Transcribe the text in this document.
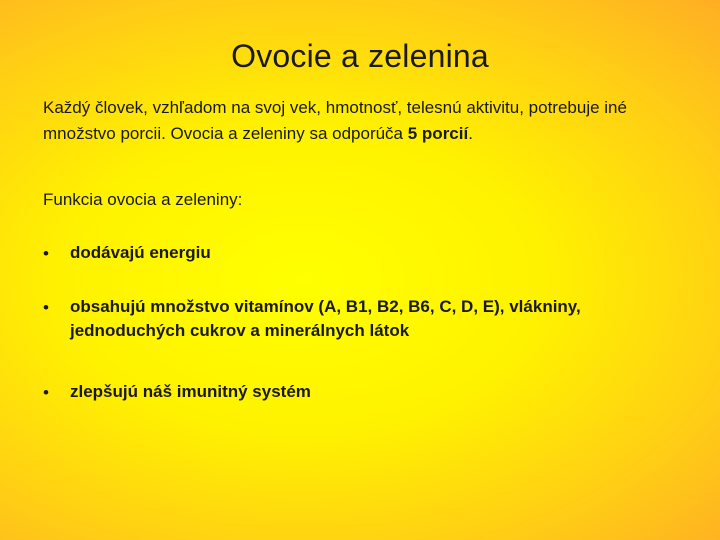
Ovocie a zelenina

Každý človek, vzhľadom na svoj vek, hmotnosť, telesnú aktivitu, potrebuje iné množstvo porcii. Ovocia a zeleniny sa odporúča 5 porcií.

Funkcia ovocia a zeleniny:

•	dodávajú energiu
•	obsahujú množstvo vitamínov (A, B1, B2, B6, C, D, E), vlákniny, jednoduchých cukrov a minerálnych látok
•	zlepšujú náš imunitný systém
